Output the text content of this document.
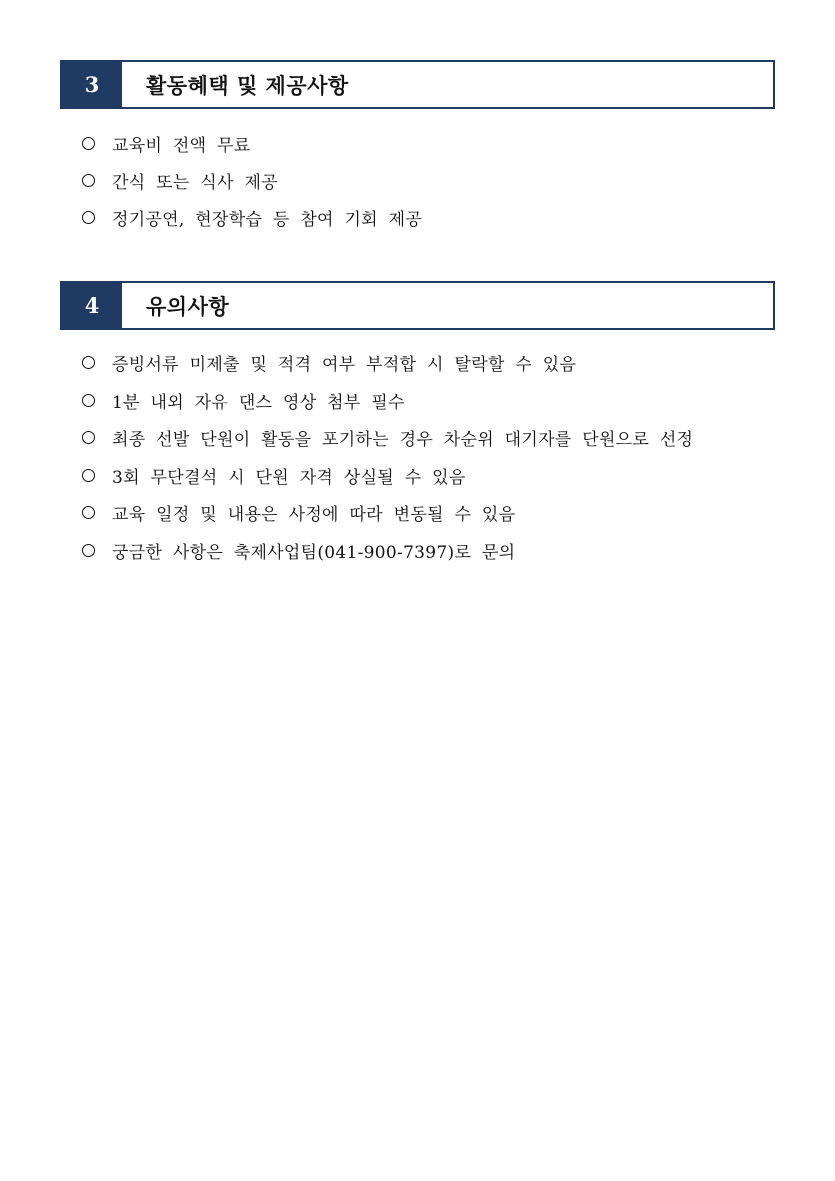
3	활동혜택 및 제공사항
교육비 전액 무료
간식 또는 식사 제공
정기공연, 현장학습 등 참여 기회 제공
4	유의사항
증빙서류 미제출 및 적격 여부 부적합 시 탈락할 수 있음
1분 내외 자유 댄스 영상 첨부 필수
최종 선발 단원이 활동을 포기하는 경우 차순위 대기자를 단원으로 선정
3회 무단결석 시 단원 자격 상실될 수 있음
교육 일정 및 내용은 사정에 따라 변동될 수 있음
궁금한 사항은 축제사업팀(041-900-7397)로 문의
